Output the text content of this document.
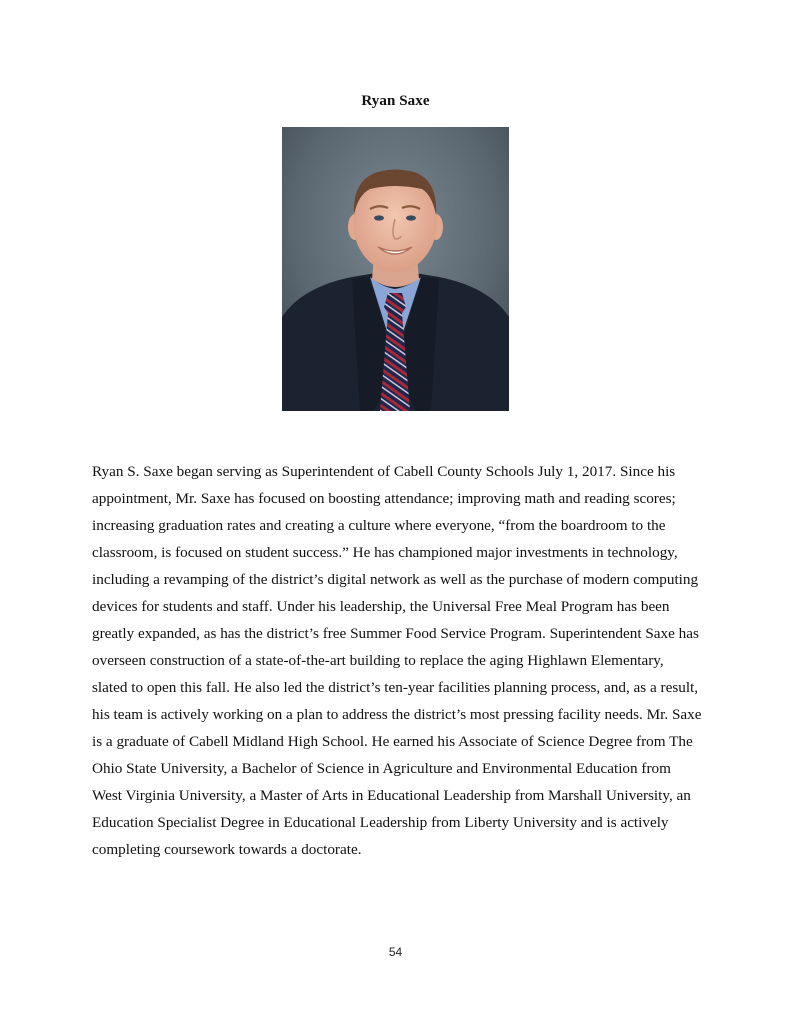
Ryan Saxe

Ryan S. Saxe began serving as Superintendent of Cabell County Schools July 1, 2017. Since his appointment, Mr. Saxe has focused on boosting attendance; improving math and reading scores; increasing graduation rates and creating a culture where everyone, “from the boardroom to the classroom, is focused on student success.” He has championed major investments in technology, including a revamping of the district’s digital network as well as the purchase of modern computing devices for students and staff. Under his leadership, the Universal Free Meal Program has been greatly expanded, as has the district’s free Summer Food Service Program. Superintendent Saxe has overseen construction of a state-of-the-art building to replace the aging Highlawn Elementary, slated to open this fall. He also led the district’s ten-year facilities planning process, and, as a result, his team is actively working on a plan to address the district’s most pressing facility needs. Mr. Saxe is a graduate of Cabell Midland High School. He earned his Associate of Science Degree from The Ohio State University, a Bachelor of Science in Agriculture and Environmental Education from West Virginia University, a Master of Arts in Educational Leadership from Marshall University, an Education Specialist Degree in Educational Leadership from Liberty University and is actively completing coursework towards a doctorate.

54
